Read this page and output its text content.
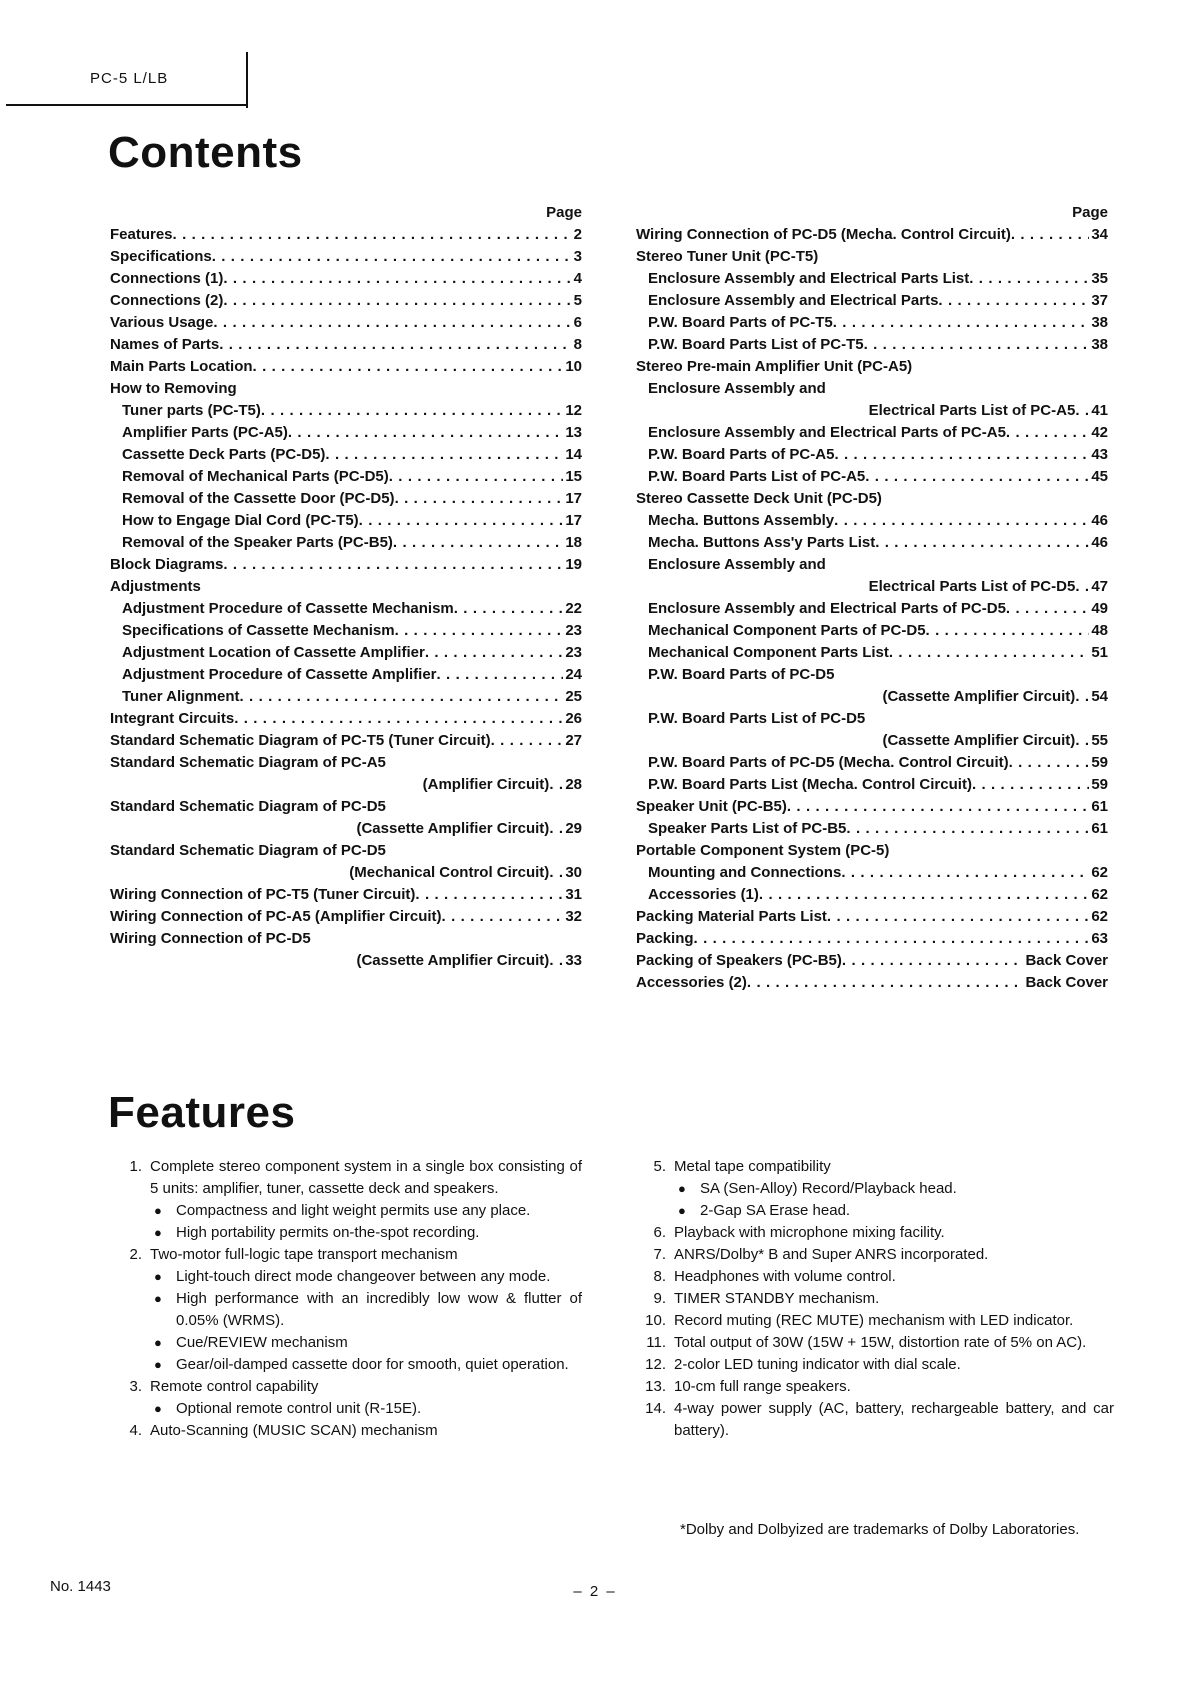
PC-5 L/LB
Contents
Page
Features . . .	2
Specifications . . .	3
Connections (1) . . .	4
Connections (2) . . .	5
Various Usage . . .	6
Names of Parts . . .	8
Main Parts Location . . .	10
How to Removing
Tuner parts (PC-T5) . . .	12
Amplifier Parts (PC-A5) . . .	13
Cassette Deck Parts (PC-D5) . . .	14
Removal of Mechanical Parts (PC-D5) . . .	15
Removal of the Cassette Door (PC-D5) . . .	17
How to Engage Dial Cord (PC-T5) . . .	17
Removal of the Speaker Parts (PC-B5) . . .	18
Block Diagrams . . .	19
Adjustments
Adjustment Procedure of Cassette Mechanism . . .	22
Specifications of Cassette Mechanism . . .	23
Adjustment Location of Cassette Amplifier . . .	23
Adjustment Procedure of Cassette Amplifier . . .	24
Tuner Alignment . . .	25
Integrant Circuits . . .	26
Standard Schematic Diagram of PC-T5 (Tuner Circuit) . . .	27
Standard Schematic Diagram of PC-A5
(Amplifier Circuit) . . . 28
Standard Schematic Diagram of PC-D5
(Cassette Amplifier Circuit) . . . 29
Standard Schematic Diagram of PC-D5
(Mechanical Control Circuit) . . . 30
Wiring Connection of PC-T5 (Tuner Circuit) . . .	31
Wiring Connection of PC-A5 (Amplifier Circuit) . . .	32
Wiring Connection of PC-D5
(Cassette Amplifier Circuit) . . . 33
Page
Wiring Connection of PC-D5 (Mecha. Control Circuit) . . .	34
Stereo Tuner Unit (PC-T5)
Enclosure Assembly and Electrical Parts List . . .	35
Enclosure Assembly and Electrical Parts . . .	37
P.W. Board Parts of PC-T5 . . .	38
P.W. Board Parts List of PC-T5 . . .	38
Stereo Pre-main Amplifier Unit (PC-A5)
Enclosure Assembly and
Electrical Parts List of PC-A5 . . . 41
Enclosure Assembly and Electrical Parts of PC-A5 . . .	42
P.W. Board Parts of PC-A5 . . .	43
P.W. Board Parts List of PC-A5 . . .	45
Stereo Cassette Deck Unit (PC-D5)
Mecha. Buttons Assembly . . .	46
Mecha. Buttons Ass'y Parts List . . .	46
Enclosure Assembly and
Electrical Parts List of PC-D5 . . . 47
Enclosure Assembly and Electrical Parts of PC-D5 . . .	49
Mechanical Component Parts of PC-D5 . . .	48
Mechanical Component Parts List . . .	51
P.W. Board Parts of PC-D5
(Cassette Amplifier Circuit) . . . 54
P.W. Board Parts List of PC-D5
(Cassette Amplifier Circuit) . . . 55
P.W. Board Parts of PC-D5 (Mecha. Control Circuit) . . .	59
P.W. Board Parts List (Mecha. Control Circuit) . . .	59
Speaker Unit (PC-B5) . . .	61
Speaker Parts List of PC-B5 . . .	61
Portable Component System (PC-5)
Mounting and Connections . . .	62
Accessories (1) . . .	62
Packing Material Parts List . . .	62
Packing . . .	63
Packing of Speakers (PC-B5) . . .	Back Cover
Accessories (2) . . .	Back Cover
Features
1. Complete stereo component system in a single box consisting of 5 units: amplifier, tuner, cassette deck and speakers.
● Compactness and light weight permits use any place.
● High portability permits on-the-spot recording.
2. Two-motor full-logic tape transport mechanism
● Light-touch direct mode changeover between any mode.
● High performance with an incredibly low wow & flutter of 0.05% (WRMS).
● Cue/REVIEW mechanism
● Gear/oil-damped cassette door for smooth, quiet operation.
3. Remote control capability
● Optional remote control unit (R-15E).
4. Auto-Scanning (MUSIC SCAN) mechanism
5. Metal tape compatibility
● SA (Sen-Alloy) Record/Playback head.
● 2-Gap SA Erase head.
6. Playback with microphone mixing facility.
7. ANRS/Dolby* B and Super ANRS incorporated.
8. Headphones with volume control.
9. TIMER STANDBY mechanism.
10. Record muting (REC MUTE) mechanism with LED indicator.
11. Total output of 30W (15W + 15W, distortion rate of 5% on AC).
12. 2-color LED tuning indicator with dial scale.
13. 10-cm full range speakers.
14. 4-way power supply (AC, battery, rechargeable battery, and car battery).
*Dolby and Dolbyized are trademarks of Dolby Laboratories.
No. 1443	– 2 –
